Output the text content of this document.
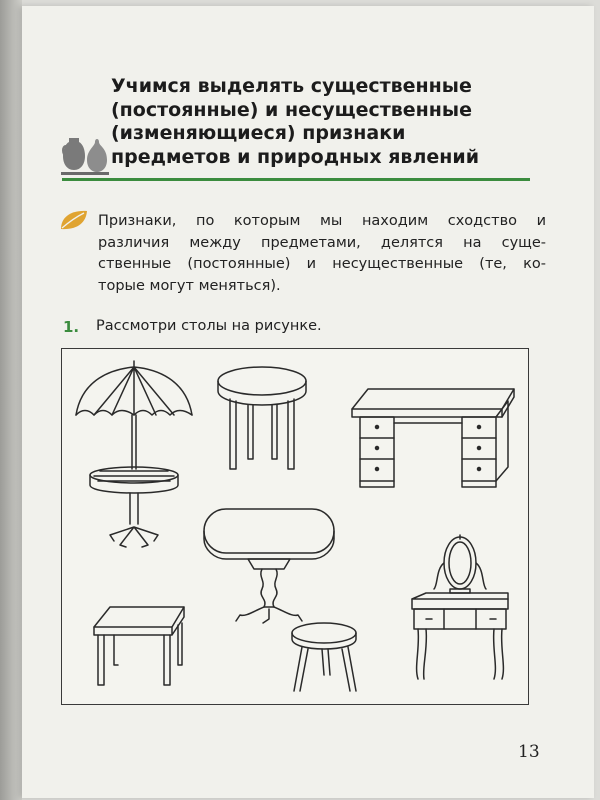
Учимся выделять существенные
(постоянные) и несущественные
(изменяющиеся) признаки
предметов и природных явлений
Признаки, по которым мы находим сходство и
различия между предметами, делятся на суще-
ственные (постоянные) и несущественные (те, ко-
торые могут меняться).
1. Рассмотри столы на рисунке.
13
